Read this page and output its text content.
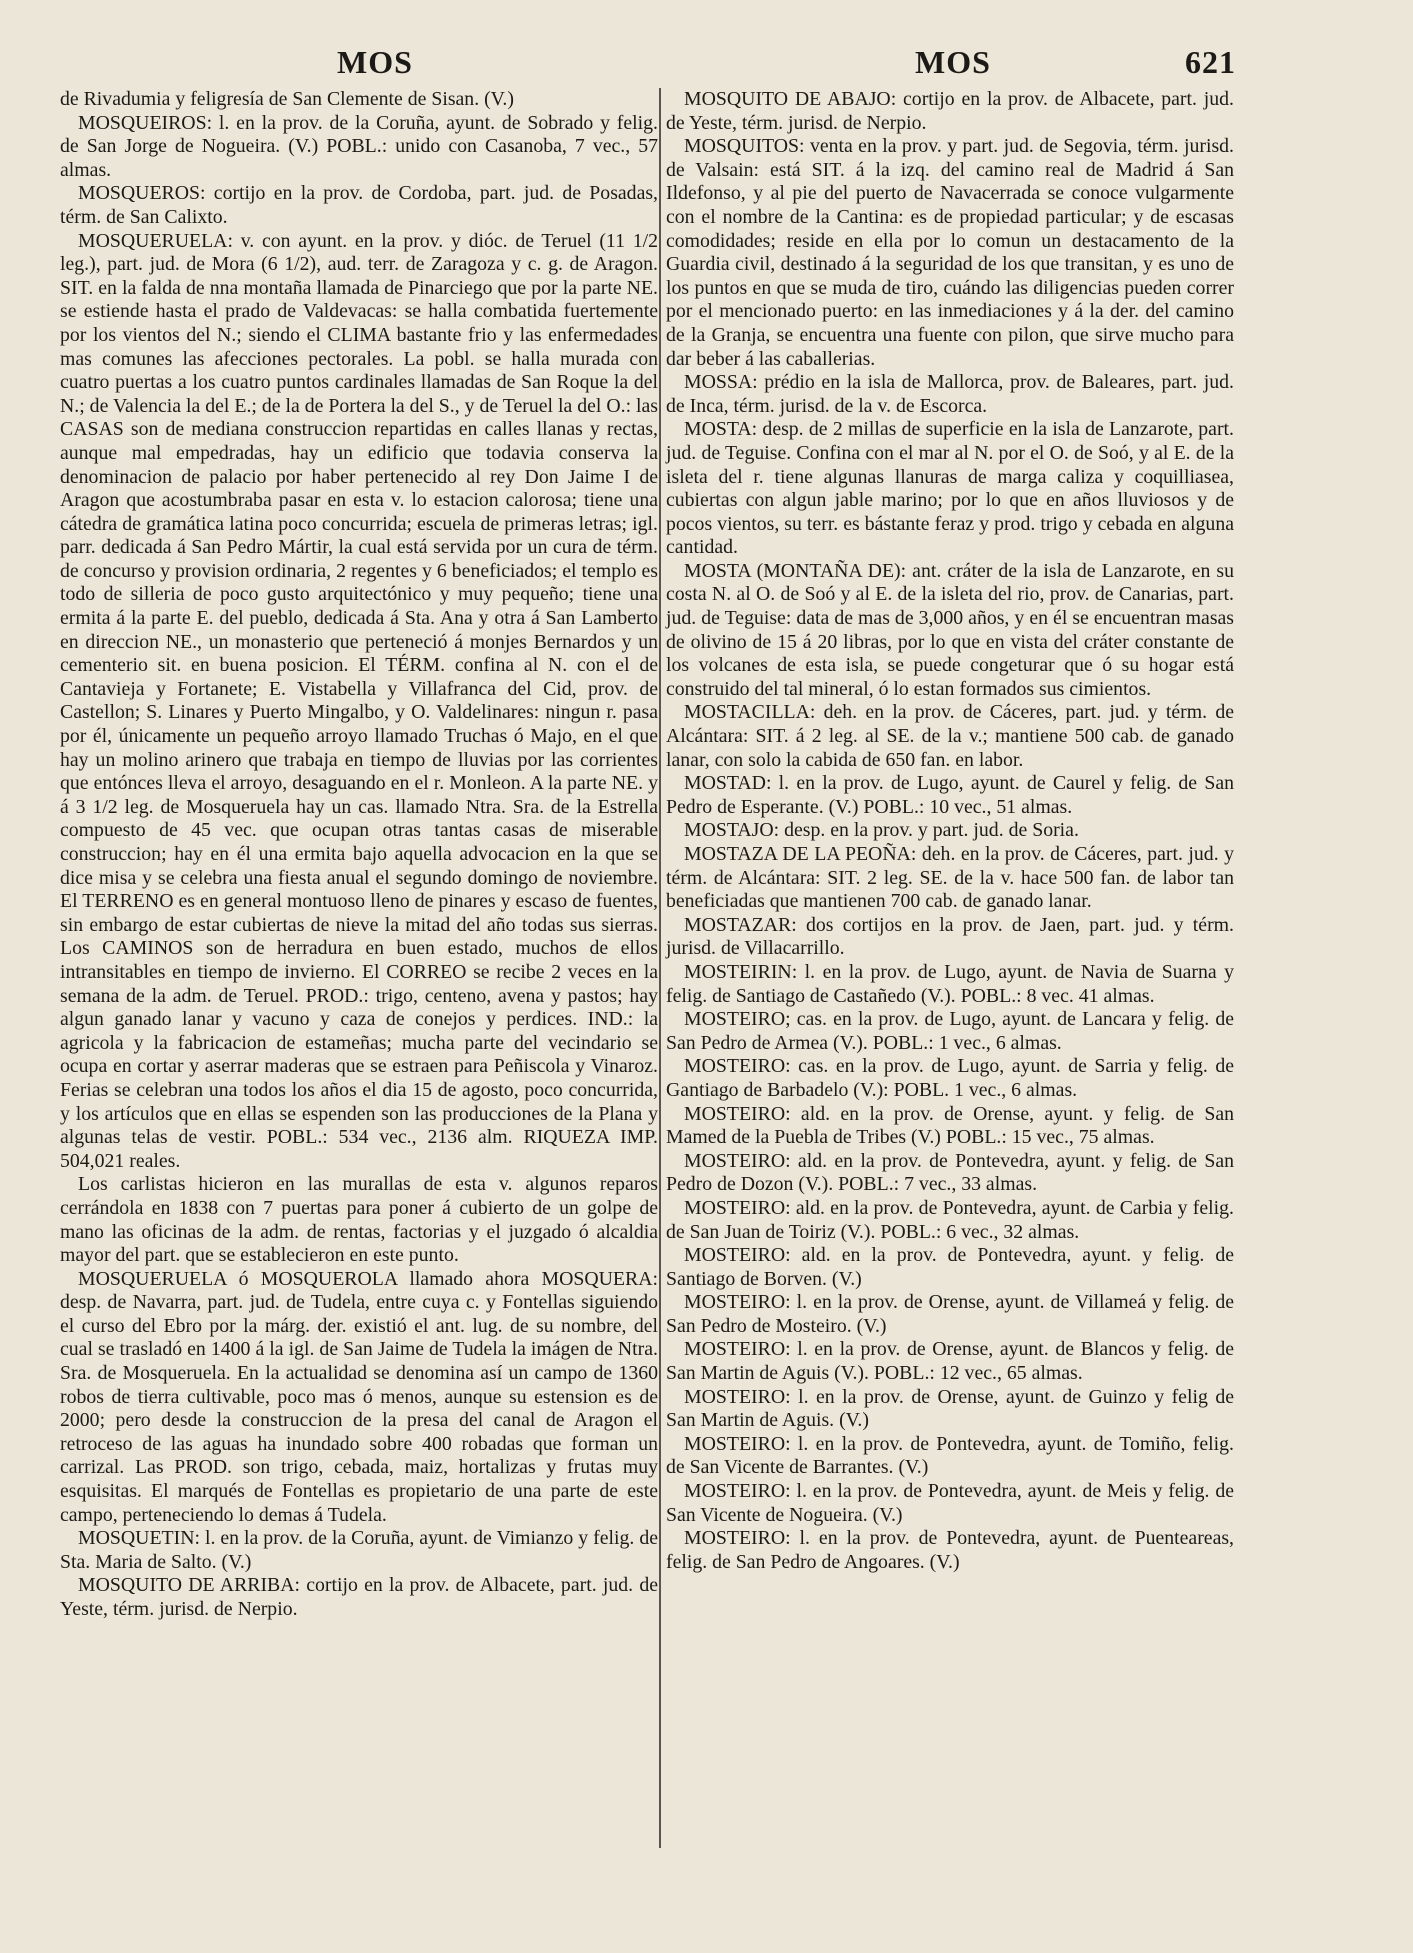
MOS	MOS	621

de Rivadumia y feligresía de San Clemente de Sisan. (V.)

MOSQUEIROS: l. en la prov. de la Coruña, ayunt. de Sobrado y felig. de San Jorge de Nogueira. (V.) POBL.: unido con Casanoba, 7 vec., 57 almas.

MOSQUEROS: cortijo en la prov. de Cordoba, part. jud. de Posadas, térm. de San Calixto.

MOSQUERUELA: v. con ayunt. en la prov. y dióc. de Teruel (11 1/2 leg.), part. jud. de Mora (6 1/2), aud. terr. de Zaragoza y c. g. de Aragon. SIT. en la falda de nna montaña llamada de Pinarciego que por la parte NE. se estiende hasta el prado de Valdevacas: se halla combatida fuertemente por los vientos del N.; siendo el CLIMA bastante frio y las enfermedades mas comunes las afecciones pectorales. La pobl. se halla murada con cuatro puertas a los cuatro puntos cardinales llamadas de San Roque la del N.; de Valencia la del E.; de la de Portera la del S., y de Teruel la del O.: las CASAS son de mediana construccion repartidas en calles llanas y rectas, aunque mal empedradas, hay un edificio que todavia conserva la denominacion de palacio por haber pertenecido al rey Don Jaime I de Aragon que acostumbraba pasar en esta v. lo estacion calorosa; tiene una cátedra de gramática latina poco concurrida; escuela de primeras letras; igl. parr. dedicada á San Pedro Mártir, la cual está servida por un cura de térm. de concurso y provision ordinaria, 2 regentes y 6 beneficiados; el templo es todo de silleria de poco gusto arquitectónico y muy pequeño; tiene una ermita á la parte E. del pueblo, dedicada á Sta. Ana y otra á San Lamberto en direccion NE., un monasterio que perteneció á monjes Bernardos y un cementerio sit. en buena posicion. El TÉRM. confina al N. con el de Cantavieja y Fortanete; E. Vistabella y Villafranca del Cid, prov. de Castellon; S. Linares y Puerto Mingalbo, y O. Valdelinares: ningun r. pasa por él, únicamente un pequeño arroyo llamado Truchas ó Majo, en el que hay un molino arinero que trabaja en tiempo de lluvias por las corrientes que entónces lleva el arroyo, desaguando en el r. Monleon. A la parte NE. y á 3 1/2 leg. de Mosqueruela hay un cas. llamado Ntra. Sra. de la Estrella compuesto de 45 vec. que ocupan otras tantas casas de miserable construccion; hay en él una ermita bajo aquella advocacion en la que se dice misa y se celebra una fiesta anual el segundo domingo de noviembre. El TERRENO es en general montuoso lleno de pinares y escaso de fuentes, sin embargo de estar cubiertas de nieve la mitad del año todas sus sierras. Los CAMINOS son de herradura en buen estado, muchos de ellos intransitables en tiempo de invierno. El CORREO se recibe 2 veces en la semana de la adm. de Teruel. PROD.: trigo, centeno, avena y pastos; hay algun ganado lanar y vacuno y caza de conejos y perdices. IND.: la agricola y la fabricacion de estameñas; mucha parte del vecindario se ocupa en cortar y aserrar maderas que se estraen para Peñiscola y Vinaroz. Ferias se celebran una todos los años el dia 15 de agosto, poco concurrida, y los artículos que en ellas se espenden son las producciones de la Plana y algunas telas de vestir. POBL.: 534 vec., 2136 alm. RIQUEZA IMP. 504,021 reales.

Los carlistas hicieron en las murallas de esta v. algunos reparos cerrándola en 1838 con 7 puertas para poner á cubierto de un golpe de mano las oficinas de la adm. de rentas, factorias y el juzgado ó alcaldia mayor del part. que se establecieron en este punto.

MOSQUERUELA ó MOSQUEROLA llamado ahora MOSQUERA: desp. de Navarra, part. jud. de Tudela, entre cuya c. y Fontellas siguiendo el curso del Ebro por la márg. der. existió el ant. lug. de su nombre, del cual se trasladó en 1400 á la igl. de San Jaime de Tudela la imágen de Ntra. Sra. de Mosqueruela. En la actualidad se denomina así un campo de 1360 robos de tierra cultivable, poco mas ó menos, aunque su estension es de 2000; pero desde la construccion de la presa del canal de Aragon el retroceso de las aguas ha inundado sobre 400 robadas que forman un carrizal. Las PROD. son trigo, cebada, maiz, hortalizas y frutas muy esquisitas. El marqués de Fontellas es propietario de una parte de este campo, perteneciendo lo demas á Tudela.

MOSQUETIN: l. en la prov. de la Coruña, ayunt. de Vimianzo y felig. de Sta. Maria de Salto. (V.)

MOSQUITO DE ARRIBA: cortijo en la prov. de Albacete, part. jud. de Yeste, térm. jurisd. de Nerpio.

MOSQUITO DE ABAJO: cortijo en la prov. de Albacete, part. jud. de Yeste, térm. jurisd. de Nerpio.

MOSQUITOS: venta en la prov. y part. jud. de Segovia, térm. jurisd. de Valsain: está SIT. á la izq. del camino real de Madrid á San Ildefonso, y al pie del puerto de Navacerrada se conoce vulgarmente con el nombre de la Cantina: es de propiedad particular; y de escasas comodidades; reside en ella por lo comun un destacamento de la Guardia civil, destinado á la seguridad de los que transitan, y es uno de los puntos en que se muda de tiro, cuándo las diligencias pueden correr por el mencionado puerto: en las inmediaciones y á la der. del camino de la Granja, se encuentra una fuente con pilon, que sirve mucho para dar beber á las caballerias.

MOSSA: prédio en la isla de Mallorca, prov. de Baleares, part. jud. de Inca, térm. jurisd. de la v. de Escorca.

MOSTA: desp. de 2 millas de superficie en la isla de Lanzarote, part. jud. de Teguise. Confina con el mar al N. por el O. de Soó, y al E. de la isleta del r. tiene algunas llanuras de marga caliza y coquilliasea, cubiertas con algun jable marino; por lo que en años lluviosos y de pocos vientos, su terr. es bástante feraz y prod. trigo y cebada en alguna cantidad.

MOSTA (MONTAÑA DE): ant. cráter de la isla de Lanzarote, en su costa N. al O. de Soó y al E. de la isleta del rio, prov. de Canarias, part. jud. de Teguise: data de mas de 3,000 años, y en él se encuentran masas de olivino de 15 á 20 libras, por lo que en vista del cráter constante de los volcanes de esta isla, se puede congeturar que ó su hogar está construido del tal mineral, ó lo estan formados sus cimientos.

MOSTACILLA: deh. en la prov. de Cáceres, part. jud. y térm. de Alcántara: SIT. á 2 leg. al SE. de la v.; mantiene 500 cab. de ganado lanar, con solo la cabida de 650 fan. en labor.

MOSTAD: l. en la prov. de Lugo, ayunt. de Caurel y felig. de San Pedro de Esperante. (V.) POBL.: 10 vec., 51 almas.

MOSTAJO: desp. en la prov. y part. jud. de Soria.

MOSTAZA DE LA PEOÑA: deh. en la prov. de Cáceres, part. jud. y térm. de Alcántara: SIT. 2 leg. SE. de la v. hace 500 fan. de labor tan beneficiadas que mantienen 700 cab. de ganado lanar.

MOSTAZAR: dos cortijos en la prov. de Jaen, part. jud. y térm. jurisd. de Villacarrillo.

MOSTEIRIN: l. en la prov. de Lugo, ayunt. de Navia de Suarna y felig. de Santiago de Castañedo (V.). POBL.: 8 vec. 41 almas.

MOSTEIRO; cas. en la prov. de Lugo, ayunt. de Lancara y felig. de San Pedro de Armea (V.). POBL.: 1 vec., 6 almas.

MOSTEIRO: cas. en la prov. de Lugo, ayunt. de Sarria y felig. de Gantiago de Barbadelo (V.): POBL. 1 vec., 6 almas.

MOSTEIRO: ald. en la prov. de Orense, ayunt. y felig. de San Mamed de la Puebla de Tribes (V.) POBL.: 15 vec., 75 almas.

MOSTEIRO: ald. en la prov. de Pontevedra, ayunt. y felig. de San Pedro de Dozon (V.). POBL.: 7 vec., 33 almas.

MOSTEIRO: ald. en la prov. de Pontevedra, ayunt. de Carbia y felig. de San Juan de Toiriz (V.). POBL.: 6 vec., 32 almas.

MOSTEIRO: ald. en la prov. de Pontevedra, ayunt. y felig. de Santiago de Borven. (V.)

MOSTEIRO: l. en la prov. de Orense, ayunt. de Villameá y felig. de San Pedro de Mosteiro. (V.)

MOSTEIRO: l. en la prov. de Orense, ayunt. de Blancos y felig. de San Martin de Aguis (V.). POBL.: 12 vec., 65 almas.

MOSTEIRO: l. en la prov. de Orense, ayunt. de Guinzo y felig de San Martin de Aguis. (V.)

MOSTEIRO: l. en la prov. de Pontevedra, ayunt. de Tomiño, felig. de San Vicente de Barrantes. (V.)

MOSTEIRO: l. en la prov. de Pontevedra, ayunt. de Meis y felig. de San Vicente de Nogueira. (V.)

MOSTEIRO: l. en la prov. de Pontevedra, ayunt. de Puenteareas, felig. de San Pedro de Angoares. (V.)
